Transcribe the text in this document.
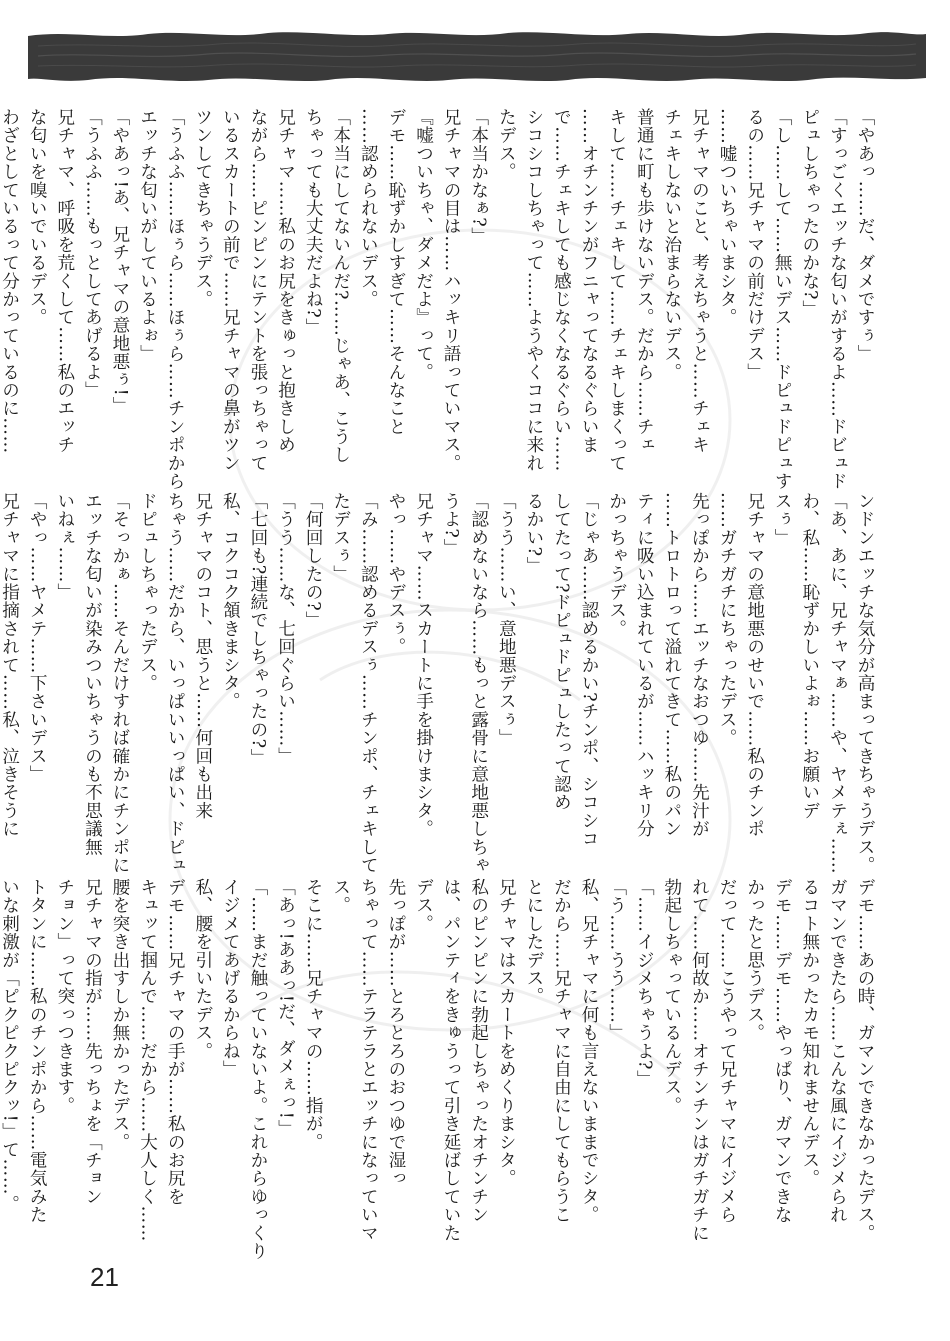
「やあっ……だ、ダメですぅ」
「すっごくエッチな匂いがするよ……ドビュド
ピュしちゃったのかな?」
「し……して……無いデス……ドピュドピュす
るの……兄チャマの前だけデス」
……嘘ついちゃいまシタ。
兄チャマのこと、考えちゃうと……チェキ
チェキしないと治まらないデス。
普通に町も歩けないデス。だから……チェ
キして……チェキして……チェキしまくって
……オチンチンがフニャってなるぐらいま
で……チェキしても感じなくなるぐらい……
シコシコしちゃって……ようやくココに来れ
たデス。
「本当かなぁ?」
兄チャマの目は……ハッキリ語っていマス。
『嘘ついちゃ、ダメだよ』って。
デモ……恥ずかしすぎて……そんなこと
……認められないデス。
「本当にしてないんだ?……じゃあ、こうし
ちゃっても大丈夫だよね?」
兄チャマ……私のお尻をきゅっと抱きしめ
ながら……ピンピンにテントを張っちゃって
いるスカートの前で……兄チャマの鼻がツン
ツンしてきちゃうデス。
「うふふ……ほぅら……ほぅら……チンポから
エッチな匂いがしているよぉ」
「やあっ!あ、兄チャマの意地悪ぅ!」
「うふふ……もっとしてあげるよ」
兄チャマ、呼吸を荒くして……私のエッチ
な匂いを嗅いでいるデス。
わざとしているって分かっているのに……

ンドンエッチな気分が高まってきちゃうデス。
「あ、あに、兄チャマぁ……や、ヤメテぇ……
わ、私……恥ずかしいよぉ……お願いデ
スぅ」
兄チャマの意地悪のせいで……私のチンポ
……ガチガチにちゃったデス。
先っぽから……エッチなおつゆ……先汁が
……トロトロって溢れてきて……私のパン
ティに吸い込まれているが……ハッキリ分
かっちゃうデス。
「じゃあ……認めるかい?チンポ、シコシコ
してたって?ドピュドピュしたって認め
るかい?」
「うう……い、意地悪デスぅ」
「認めないなら……もっと露骨に意地悪しちゃ
うよ?」
兄チャマ……スカートに手を掛けまシタ。
やっ……やデスぅ。
「み……認めるデスぅ……チンポ、チェキして
たデスぅ」
「何回したの?」
「うう……な、七回ぐらい……」
「七回も?連続でしちゃったの?」
私、コクコク頷きまシタ。
兄チャマのコト、思うと……何回も出来
ちゃう……だから、いっぱいいっぱい、ドピュ
ドピュしちゃったデス。
「そっかぁ……そんだけすれば確かにチンポに
エッチな匂いが染みついちゃうのも不思議無
いねぇ……」
「やっ……ヤメテ……下さいデス」
兄チャマに指摘されて……私、泣きそうに

デモ……あの時、ガマンできなかったデス。
ガマンできたら……こんな風にイジメられ
るコト無かったカモ知れませんデス。
デモ……デモ……やっぱり、ガマンできな
かったと思うデス。
だって……こうやって兄チャマにイジメら
れて……何故か……オチンチンはガチガチに
勃起しちゃっているんデス。
「……イジメちゃうよ?」
「う……うう……」
私、兄チャマに何も言えないままでシタ。
だから……兄チャマに自由にしてもらうこ
とにしたデス。
兄チャマはスカートをめくりまシタ。
私のピンピンに勃起しちゃったオチンチン
は、パンティをきゅうって引き延ばしていた
デス。
先っぽが……とろとろのおつゆで湿っ
ちゃって……テラテラとエッチになっていマ
ス。
そこに……兄チャマの……指が。
「あっ!ああっ!だ、ダメぇっ!」
「……まだ触っていないよ。これからゆっくり
イジメてあげるからね」
私、腰を引いたデス。
デモ……兄チャマの手が……私のお尻を
キュッて掴んで……だから……大人しく……
腰を突き出すしか無かったデス。
兄チャマの指が……先っちょを「チョン
チョン」って突っつきます。
トタンに……私のチンポから……電気みた
いな刺激が「ピクピクピクッ!」て……。

21
